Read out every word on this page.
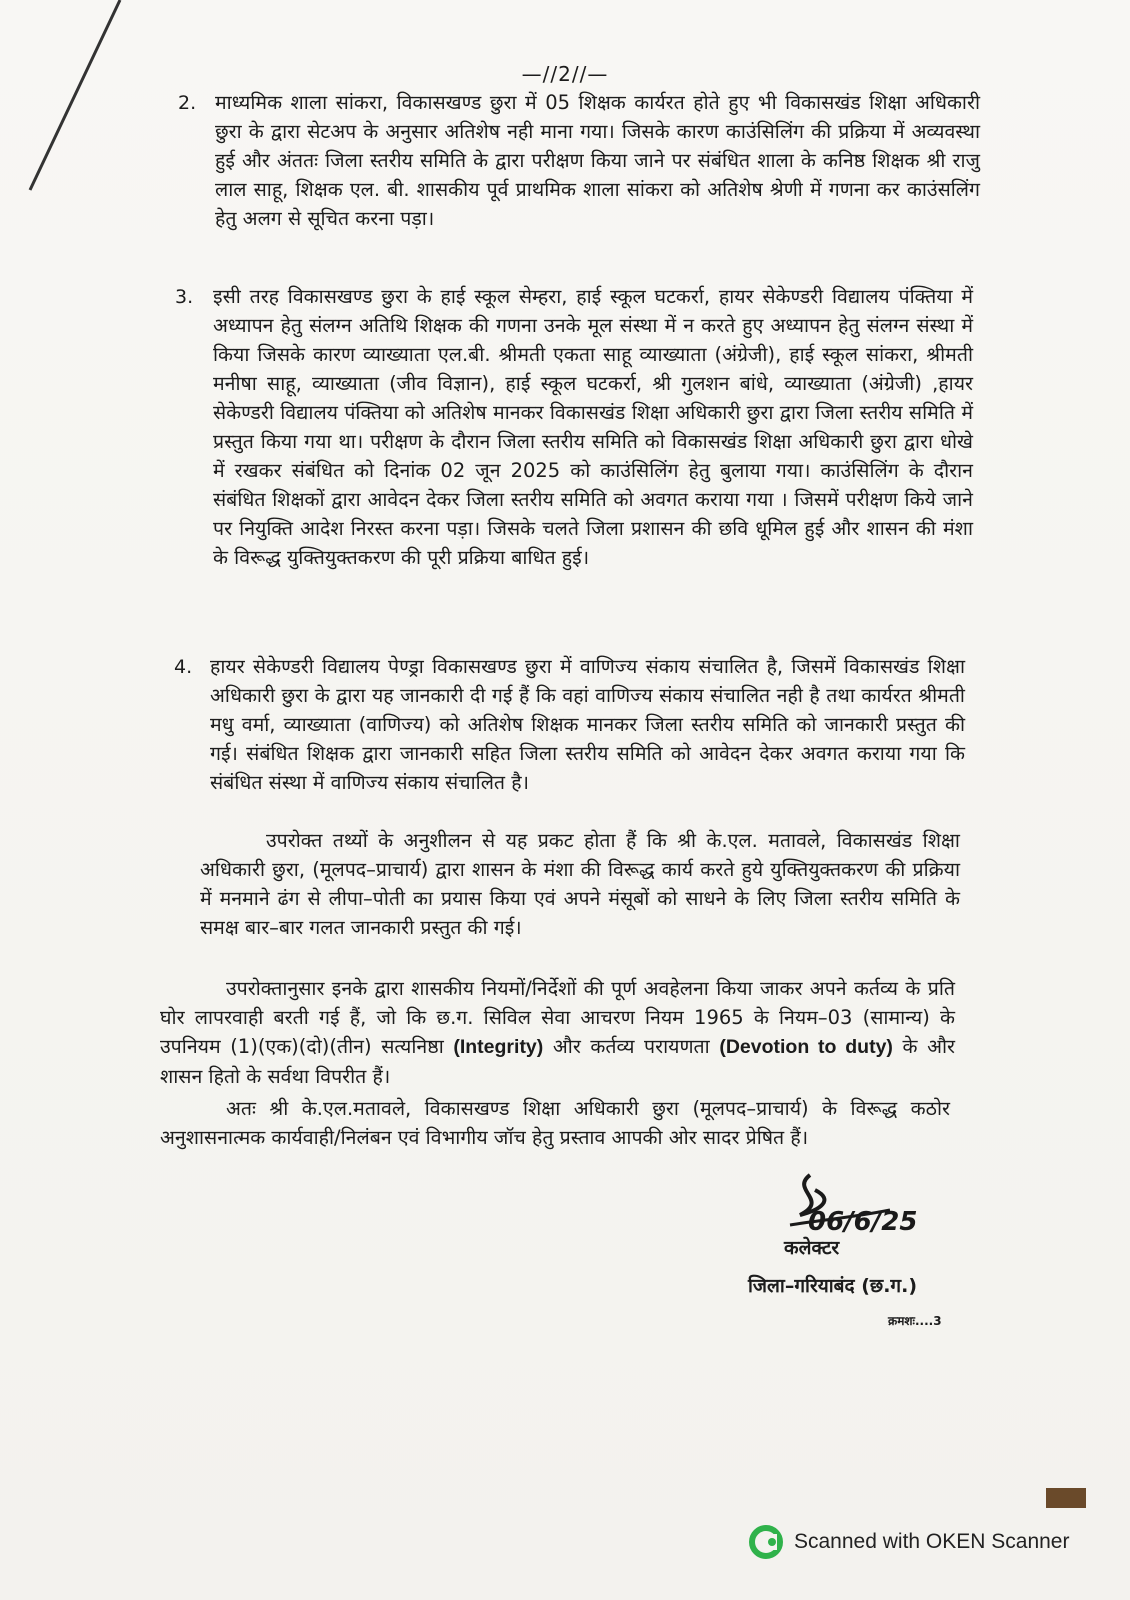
—//2//—
2. माध्यमिक शाला सांकरा, विकासखण्ड छुरा में 05 शिक्षक कार्यरत होते हुए भी विकासखंड शिक्षा अधिकारी छुरा के द्वारा सेटअप के अनुसार अतिशेष नही माना गया। जिसके कारण काउंसिलिंग की प्रक्रिया में अव्यवस्था हुई और अंततः जिला स्तरीय समिति के द्वारा परीक्षण किया जाने पर संबंधित शाला के कनिष्ठ शिक्षक श्री राजु लाल साहू, शिक्षक एल. बी. शासकीय पूर्व प्राथमिक शाला सांकरा को अतिशेष श्रेणी में गणना कर काउंसलिंग हेतु अलग से सूचित करना पड़ा।
3. इसी तरह विकासखण्ड छुरा के हाई स्कूल सेम्हरा, हाई स्कूल घटकर्रा, हायर सेकेण्डरी विद्यालय पंक्तिया में अध्यापन हेतु संलग्न अतिथि शिक्षक की गणना उनके मूल संस्था में न करते हुए अध्यापन हेतु संलग्न संस्था में किया जिसके कारण व्याख्याता एल.बी. श्रीमती एकता साहू व्याख्याता (अंग्रेजी), हाई स्कूल सांकरा, श्रीमती मनीषा साहू, व्याख्याता (जीव विज्ञान), हाई स्कूल घटकर्रा, श्री गुलशन बांधे, व्याख्याता (अंग्रेजी) ,हायर सेकेण्डरी विद्यालय पंक्तिया को अतिशेष मानकर विकासखंड शिक्षा अधिकारी छुरा द्वारा जिला स्तरीय समिति में प्रस्तुत किया गया था। परीक्षण के दौरान जिला स्तरीय समिति को विकासखंड शिक्षा अधिकारी छुरा द्वारा धोखे में रखकर संबंधित को दिनांक 02 जून 2025 को काउंसिलिंग हेतु बुलाया गया। काउंसिलिंग के दौरान संबंधित शिक्षकों द्वारा आवेदन देकर जिला स्तरीय समिति को अवगत कराया गया । जिसमें परीक्षण किये जाने पर नियुक्ति आदेश निरस्त करना पड़ा। जिसके चलते जिला प्रशासन की छवि धूमिल हुई और शासन की मंशा के विरूद्ध युक्तियुक्तकरण की पूरी प्रक्रिया बाधित हुई।
4. हायर सेकेण्डरी विद्यालय पेण्ड्रा विकासखण्ड छुरा में वाणिज्य संकाय संचालित है, जिसमें विकासखंड शिक्षा अधिकारी छुरा के द्वारा यह जानकारी दी गई हैं कि वहां वाणिज्य संकाय संचालित नही है तथा कार्यरत श्रीमती मधु वर्मा, व्याख्याता (वाणिज्य) को अतिशेष शिक्षक मानकर जिला स्तरीय समिति को जानकारी प्रस्तुत की गई। संबंधित शिक्षक द्वारा जानकारी सहित जिला स्तरीय समिति को आवेदन देकर अवगत कराया गया कि संबंधित संस्था में वाणिज्य संकाय संचालित है।

उपरोक्त तथ्यों के अनुशीलन से यह प्रकट होता हैं कि श्री के.एल. मतावले, विकासखंड शिक्षा अधिकारी छुरा, (मूलपद–प्राचार्य) द्वारा शासन के मंशा की विरूद्ध कार्य करते हुये युक्तियुक्तकरण की प्रक्रिया में मनमाने ढंग से लीपा–पोती का प्रयास किया एवं अपने मंसूबों को साधने के लिए जिला स्तरीय समिति के समक्ष बार–बार गलत जानकारी प्रस्तुत की गई।

उपरोक्तानुसार इनके द्वारा शासकीय नियमों/निर्देशों की पूर्ण अवहेलना किया जाकर अपने कर्तव्य के प्रति घोर लापरवाही बरती गई हैं, जो कि छ.ग. सिविल सेवा आचरण नियम 1965 के नियम–03 (सामान्य) के उपनियम (1)(एक)(दो)(तीन) सत्यनिष्ठा (Integrity) और कर्तव्य परायणता (Devotion to duty) के और शासन हितो के सर्वथा विपरीत हैं।

अतः श्री के.एल.मतावले, विकासखण्ड शिक्षा अधिकारी छुरा (मूलपद–प्राचार्य) के विरूद्ध कठोर अनुशासनात्मक कार्यवाही/निलंबन एवं विभागीय जॉच हेतु प्रस्ताव आपकी ओर सादर प्रेषित हैं।

06/6/25
कलेक्टर
जिला–गरियाबंद (छ.ग.)
क्रमशः....3
Scanned with OKEN Scanner
